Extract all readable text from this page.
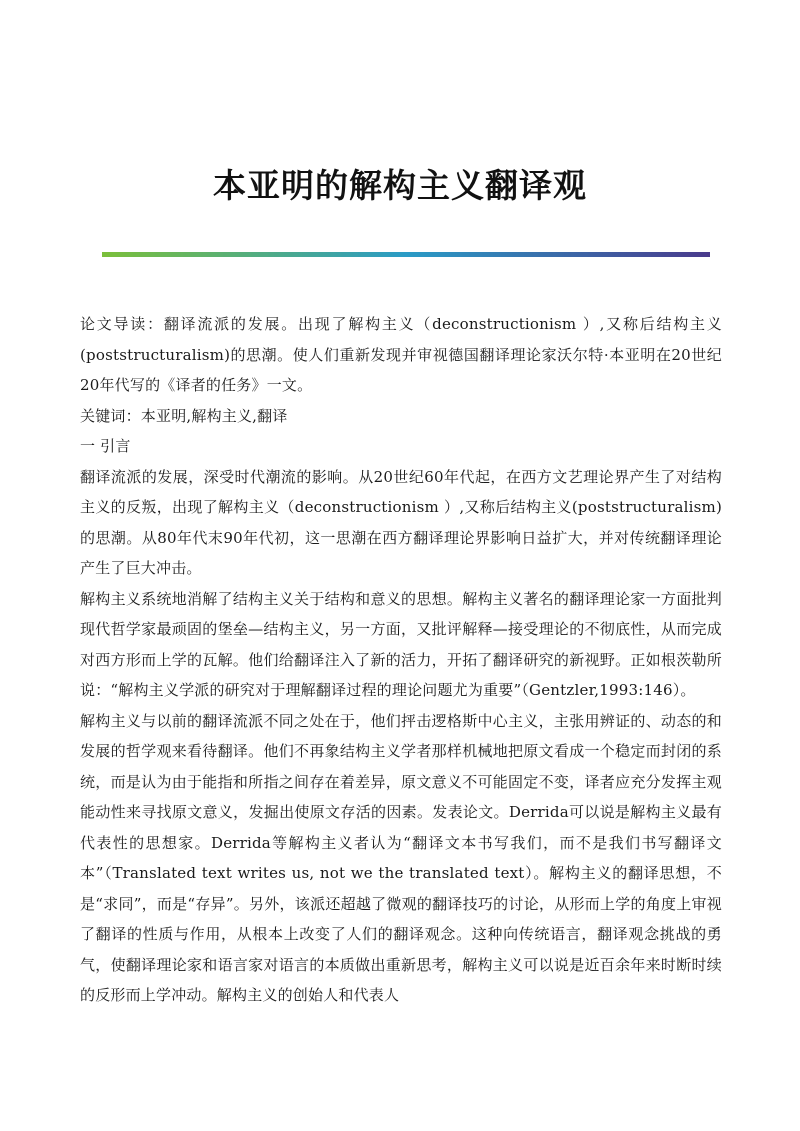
本亚明的解构主义翻译观

论文导读：翻译流派的发展。出现了解构主义（deconstructionism ）,又称后结构主义(poststructuralism)的思潮。使人们重新发现并审视德国翻译理论家沃尔特·本亚明在20世纪20年代写的《译者的任务》一文。

关键词：本亚明,解构主义,翻译

一 引言

翻译流派的发展，深受时代潮流的影响。从20世纪60年代起，在西方文艺理论界产生了对结构主义的反叛，出现了解构主义（deconstructionism ）,又称后结构主义(poststructuralism)的思潮。从80年代末90年代初，这一思潮在西方翻译理论界影响日益扩大，并对传统翻译理论产生了巨大冲击。

解构主义系统地消解了结构主义关于结构和意义的思想。解构主义著名的翻译理论家一方面批判现代哲学家最顽固的堡垒—结构主义，另一方面，又批评解释—接受理论的不彻底性，从而完成对西方形而上学的瓦解。他们给翻译注入了新的活力，开拓了翻译研究的新视野。正如根茨勒所说：“解构主义学派的研究对于理解翻译过程的理论问题尤为重要”（Gentzler,1993:146）。

解构主义与以前的翻译流派不同之处在于，他们抨击逻格斯中心主义，主张用辨证的、动态的和发展的哲学观来看待翻译。他们不再象结构主义学者那样机械地把原文看成一个稳定而封闭的系统，而是认为由于能指和所指之间存在着差异，原文意义不可能固定不变，译者应充分发挥主观能动性来寻找原文意义，发掘出使原文存活的因素。发表论文。Derrida可以说是解构主义最有代表性的思想家。Derrida等解构主义者认为“翻译文本书写我们，而不是我们书写翻译文本”（Translated text writes us, not we the translated text）。解构主义的翻译思想，不是“求同”，而是“存异”。另外，该派还超越了微观的翻译技巧的讨论，从形而上学的角度上审视了翻译的性质与作用，从根本上改变了人们的翻译观念。这种向传统语言，翻译观念挑战的勇气，使翻译理论家和语言家对语言的本质做出重新思考，解构主义可以说是近百余年来时断时续的反形而上学冲动。解构主义的创始人和代表人
